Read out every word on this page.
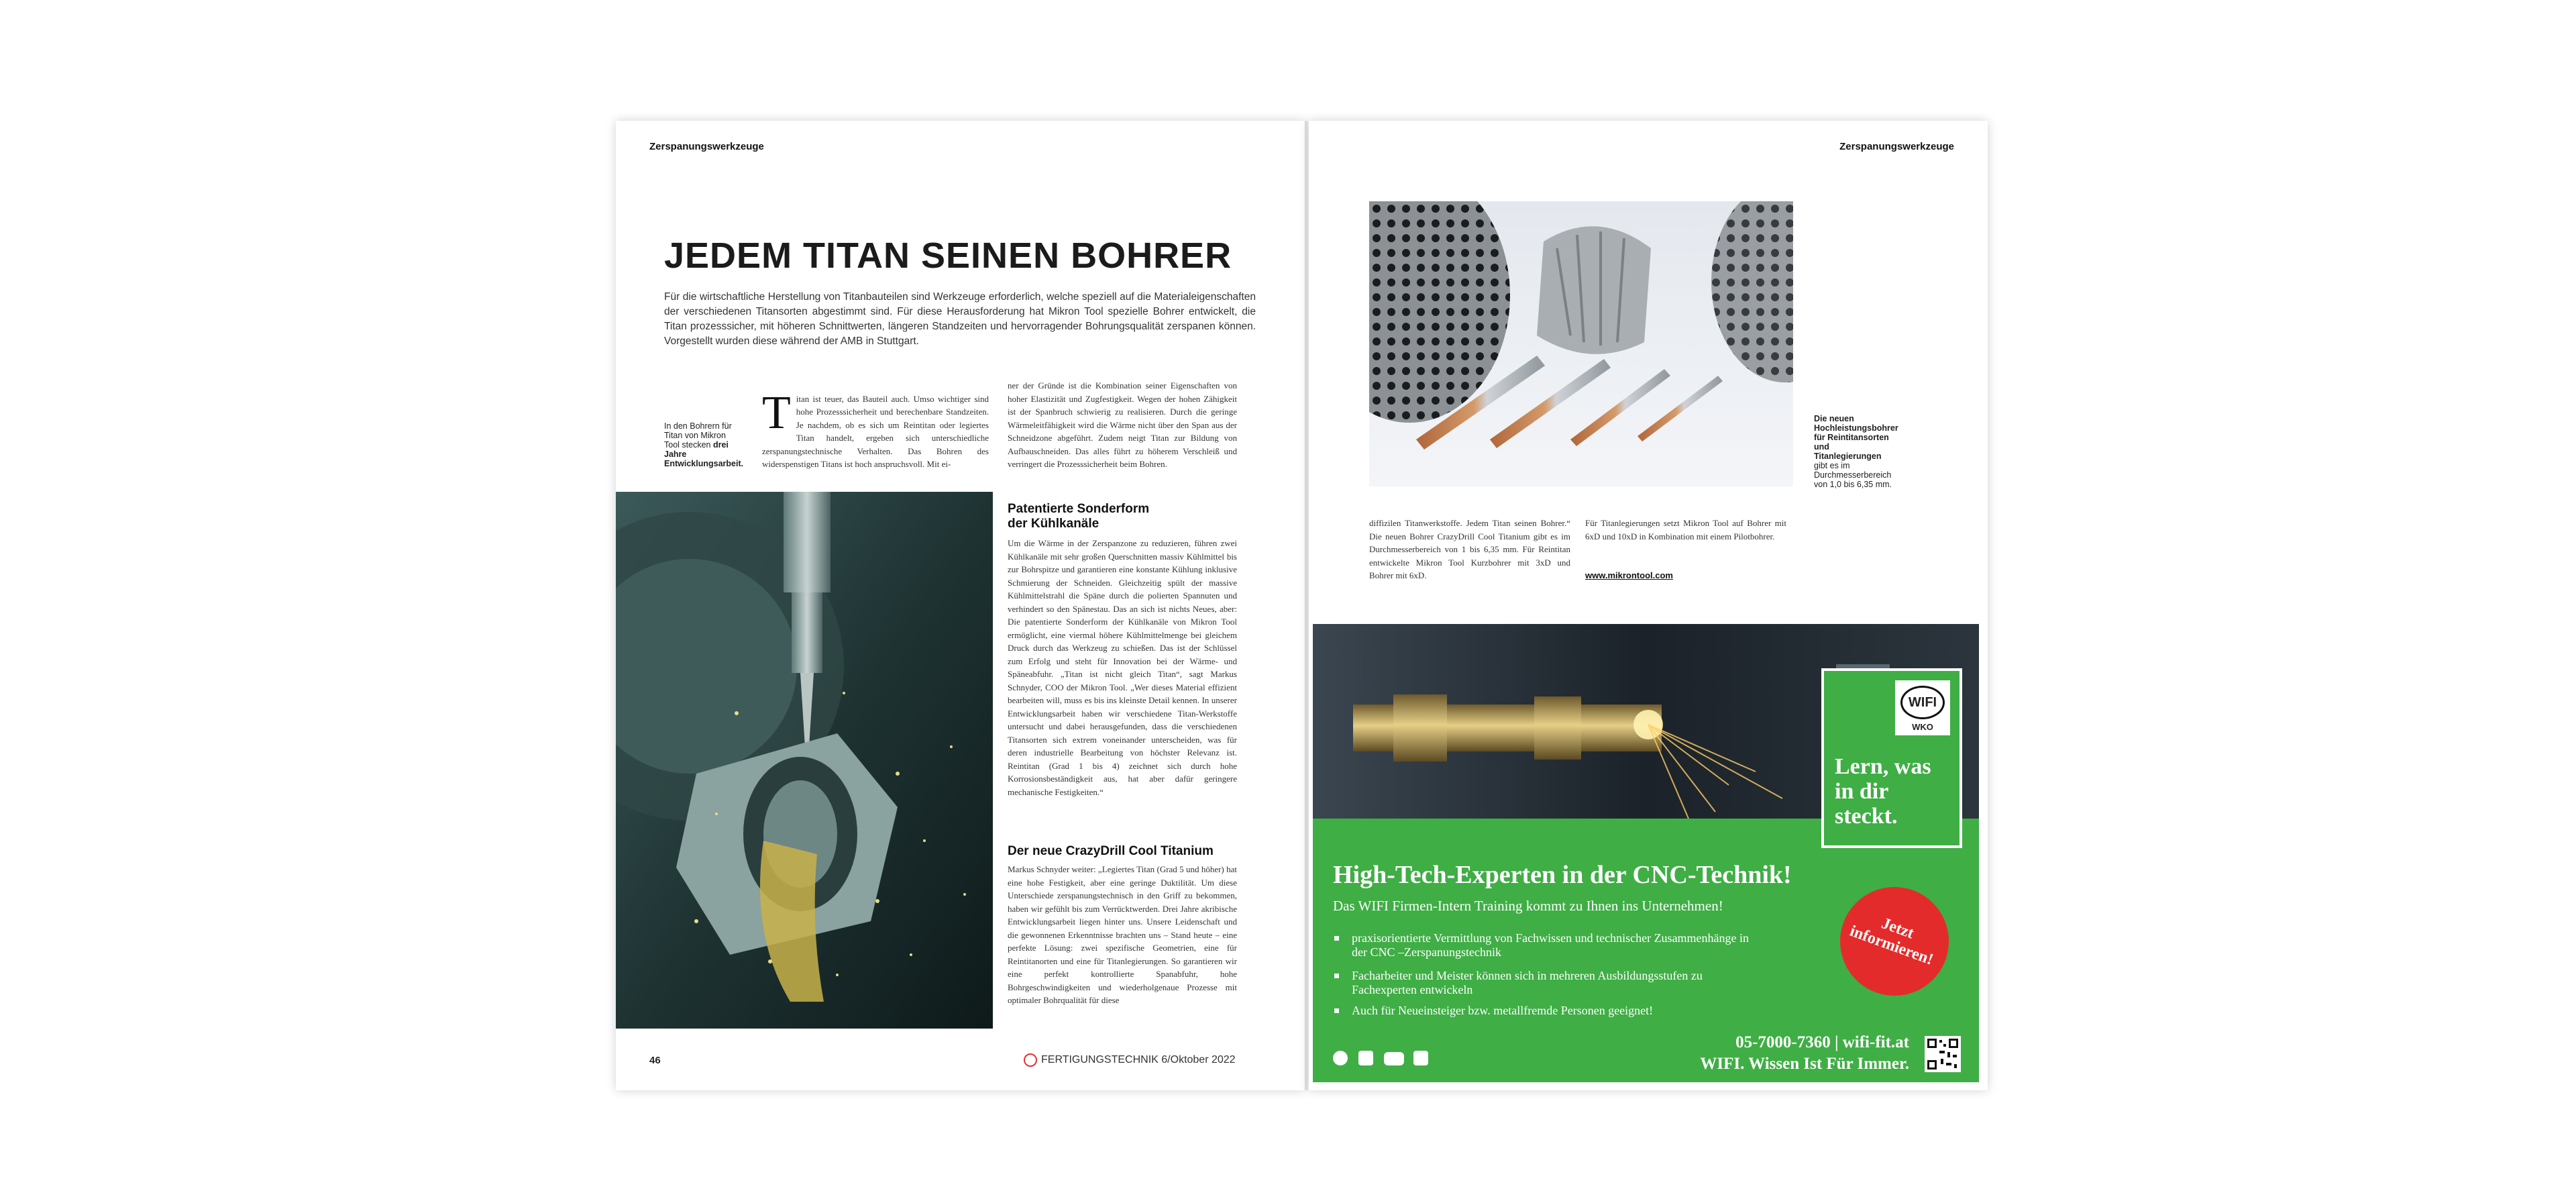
Zerspanungswerkzeuge
JEDEM TITAN SEINEN BOHRER
Für die wirtschaftliche Herstellung von Titanbauteilen sind Werkzeuge erforderlich, welche speziell auf die Materialeigenschaften der verschiedenen Titansorten abgestimmt sind. Für diese Herausforderung hat Mikron Tool spezielle Bohrer entwickelt, die Titan prozesssicher, mit höheren Schnittwerten, längeren Standzeiten und hervorragender Bohrungsqualität zerspanen können. Vorgestellt wurden diese während der AMB in Stuttgart.
In den Bohrern für Titan von Mikron Tool stecken drei Jahre Entwicklungsarbeit.

Titan ist teuer, das Bauteil auch. Umso wichtiger sind hohe Prozesssicherheit und berechenbare Standzeiten. Je nachdem, ob es sich um Reintitan oder legiertes Titan handelt, ergeben sich unterschiedliche zerspanungstechnische Verhalten. Das Bohren des widerspenstigen Titans ist hoch anspruchsvoll. Mit ei-

ner der Gründe ist die Kombination seiner Eigenschaften von hoher Elastizität und Zugfestigkeit. Wegen der hohen Zähigkeit ist der Spanbruch schwierig zu realisieren. Durch die geringe Wärmeleitfähigkeit wird die Wärme nicht über den Span aus der Schneidzone abgeführt. Zudem neigt Titan zur Bildung von Aufbauschneiden. Das alles führt zu höherem Verschleiß und verringert die Prozesssicherheit beim Bohren.
Patentierte Sonderform
der Kühlkanäle
Um die Wärme in der Zerspanzone zu reduzieren, führen zwei Kühlkanäle mit sehr großen Querschnitten massiv Kühlmittel bis zur Bohrspitze und garantieren eine konstante Kühlung inklusive Schmierung der Schneiden. Gleichzeitig spült der massive Kühlmittelstrahl die Späne durch die polierten Spannuten und verhindert so den Spänestau. Das an sich ist nichts Neues, aber: Die patentierte Sonderform der Kühlkanäle von Mikron Tool ermöglicht, eine viermal höhere Kühlmittelmenge bei gleichem Druck durch das Werkzeug zu schießen. Das ist der Schlüssel zum Erfolg und steht für Innovation bei der Wärme- und Späneabfuhr. „Titan ist nicht gleich Titan“, sagt Markus Schnyder, COO der Mikron Tool. „Wer dieses Material effizient bearbeiten will, muss es bis ins kleinste Detail kennen. In unserer Entwicklungsarbeit haben wir verschiedene Titan-Werkstoffe untersucht und dabei herausgefunden, dass die verschiedenen Titansorten sich extrem voneinander unterscheiden, was für deren industrielle Bearbeitung von höchster Relevanz ist. Reintitan (Grad 1 bis 4) zeichnet sich durch hohe Korrosionsbeständigkeit aus, hat aber dafür geringere mechanische Festigkeiten.“
Der neue CrazyDrill Cool Titanium
Markus Schnyder weiter: „Legiertes Titan (Grad 5 und höher) hat eine hohe Festigkeit, aber eine geringe Duktilität. Um diese Unterschiede zerspanungstechnisch in den Griff zu bekommen, haben wir gefühlt bis zum Verrücktwerden. Drei Jahre akribische Entwicklungsarbeit liegen hinter uns. Unsere Leidenschaft und die gewonnenen Erkenntnisse brachten uns – Stand heute – eine perfekte Lösung: zwei spezifische Geometrien, eine für Reintitanorten und eine für Titanlegierungen. So garantieren wir eine perfekt kontrollierte Spanabfuhr, hohe Bohrgeschwindigkeiten und wiederholgenaue Prozesse mit optimaler Bohrqualität für diese
46	FERTIGUNGSTECHNIK 6/Oktober 2022
Zerspanungswerkzeuge
Die neuen Hochleistungsbohrer für Reintitansorten und Titanlegierungen gibt es im Durchmesserbereich von 1,0 bis 6,35 mm.
diffizilen Titanwerkstoffe. Jedem Titan seinen Bohrer.“ Die neuen Bohrer CrazyDrill Cool Titanium gibt es im Durchmesserbereich von 1 bis 6,35 mm. Für Reintitan entwickelte Mikron Tool Kurzbohrer mit 3xD und Bohrer mit 6xD.
Für Titanlegierungen setzt Mikron Tool auf Bohrer mit 6xD und 10xD in Kombination mit einem Pilotbohrer.
www.mikrontool.com
WIFI
WKO
Lern, was in dir steckt.
High-Tech-Experten in der CNC-Technik!
Das WIFI Firmen-Intern Training kommt zu Ihnen ins Unternehmen!
praxisorientierte Vermittlung von Fachwissen und technischer Zusammenhänge in der CNC –Zerspanungstechnik
Facharbeiter und Meister können sich in mehreren Ausbildungsstufen zu Fachexperten entwickeln
Auch für Neueinsteiger bzw. metallfremde Personen geeignet!
Jetzt informieren!
05-7000-7360 | wifi-fit.at
WIFI. Wissen Ist Für Immer.
